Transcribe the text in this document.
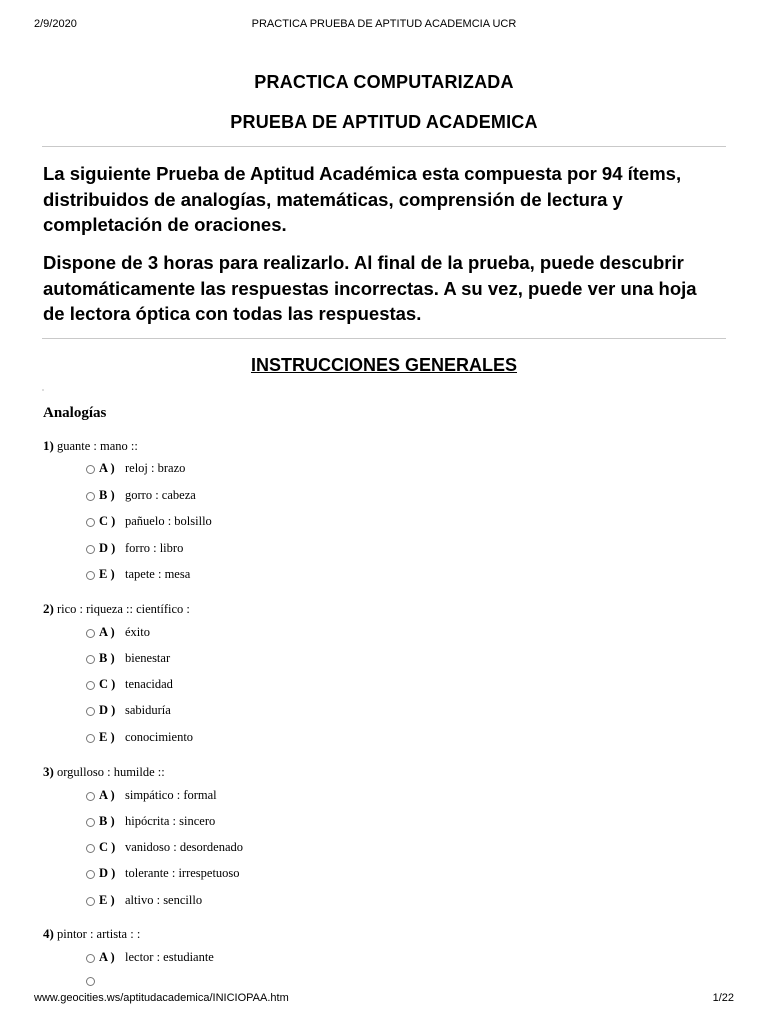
2/9/2020	PRACTICA PRUEBA DE APTITUD ACADEMCIA UCR
PRACTICA COMPUTARIZADA
PRUEBA DE APTITUD ACADEMICA

La siguiente Prueba de Aptitud Académica esta compuesta por 94 ítems, distribuidos de analogías, matemáticas, comprensión de lectura y completación de oraciones.

Dispone de 3 horas para realizarlo. Al final de la prueba, puede descubrir automáticamente las respuestas incorrectas. A su vez, puede ver una hoja de lectora óptica con todas las respuestas.

INSTRUCCIONES GENERALES
Analogías
1) guante : mano ::
A ) reloj : brazo
B ) gorro : cabeza
C ) pañuelo : bolsillo
D ) forro : libro
E ) tapete : mesa
2) rico : riqueza :: científico :
A ) éxito
B ) bienestar
C ) tenacidad
D ) sabiduría
E ) conocimiento
3) orgulloso : humilde ::
A ) simpático : formal
B ) hipócrita : sincero
C ) vanidoso : desordenado
D ) tolerante : irrespetuoso
E ) altivo : sencillo
4) pintor : artista : :
A ) lector : estudiante
www.geocities.ws/aptitudacademica/INICIOPAA.htm	1/22
